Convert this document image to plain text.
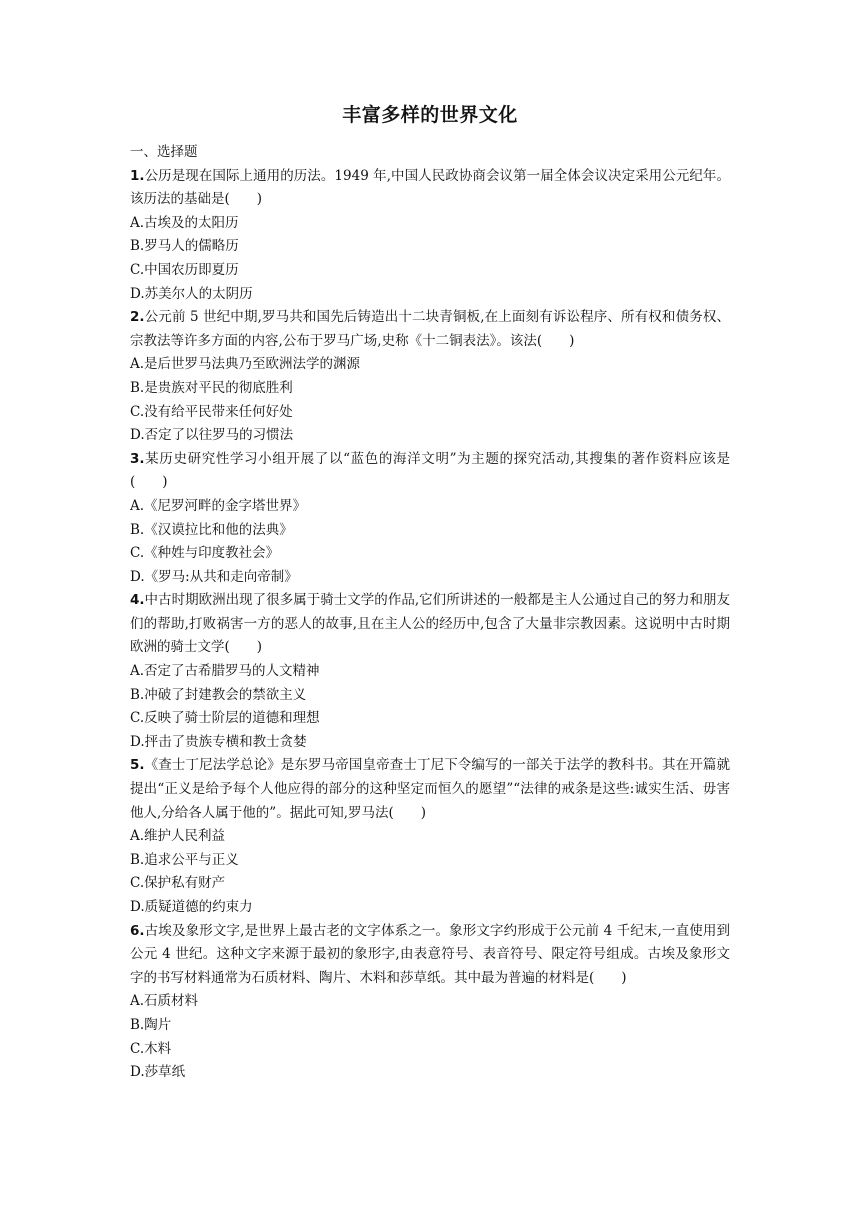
丰富多样的世界文化
一、选择题
1.公历是现在国际上通用的历法。1949 年,中国人民政协商会议第一届全体会议决定采用公元纪年。该历法的基础是(　　)
A.古埃及的太阳历
B.罗马人的儒略历
C.中国农历即夏历
D.苏美尔人的太阴历
2.公元前 5 世纪中期,罗马共和国先后铸造出十二块青铜板,在上面刻有诉讼程序、所有权和债务权、宗教法等许多方面的内容,公布于罗马广场,史称《十二铜表法》。该法(　　)
A.是后世罗马法典乃至欧洲法学的渊源
B.是贵族对平民的彻底胜利
C.没有给平民带来任何好处
D.否定了以往罗马的习惯法
3.某历史研究性学习小组开展了以“蓝色的海洋文明”为主题的探究活动,其搜集的著作资料应该是(　　)
A.《尼罗河畔的金字塔世界》
B.《汉谟拉比和他的法典》
C.《种姓与印度教社会》
D.《罗马:从共和走向帝制》
4.中古时期欧洲出现了很多属于骑士文学的作品,它们所讲述的一般都是主人公通过自己的努力和朋友们的帮助,打败祸害一方的恶人的故事,且在主人公的经历中,包含了大量非宗教因素。这说明中古时期欧洲的骑士文学(　　)
A.否定了古希腊罗马的人文精神
B.冲破了封建教会的禁欲主义
C.反映了骑士阶层的道德和理想
D.抨击了贵族专横和教士贪婪
5.《查士丁尼法学总论》是东罗马帝国皇帝查士丁尼下令编写的一部关于法学的教科书。其在开篇就提出“正义是给予每个人他应得的部分的这种坚定而恒久的愿望”“法律的戒条是这些:诚实生活、毋害他人,分给各人属于他的”。据此可知,罗马法(　　)
A.维护人民利益
B.追求公平与正义
C.保护私有财产
D.质疑道德的约束力
6.古埃及象形文字,是世界上最古老的文字体系之一。象形文字约形成于公元前 4 千纪末,一直使用到公元 4 世纪。这种文字来源于最初的象形字,由表意符号、表音符号、限定符号组成。古埃及象形文字的书写材料通常为石质材料、陶片、木料和莎草纸。其中最为普遍的材料是(　　)
A.石质材料
B.陶片
C.木料
D.莎草纸
